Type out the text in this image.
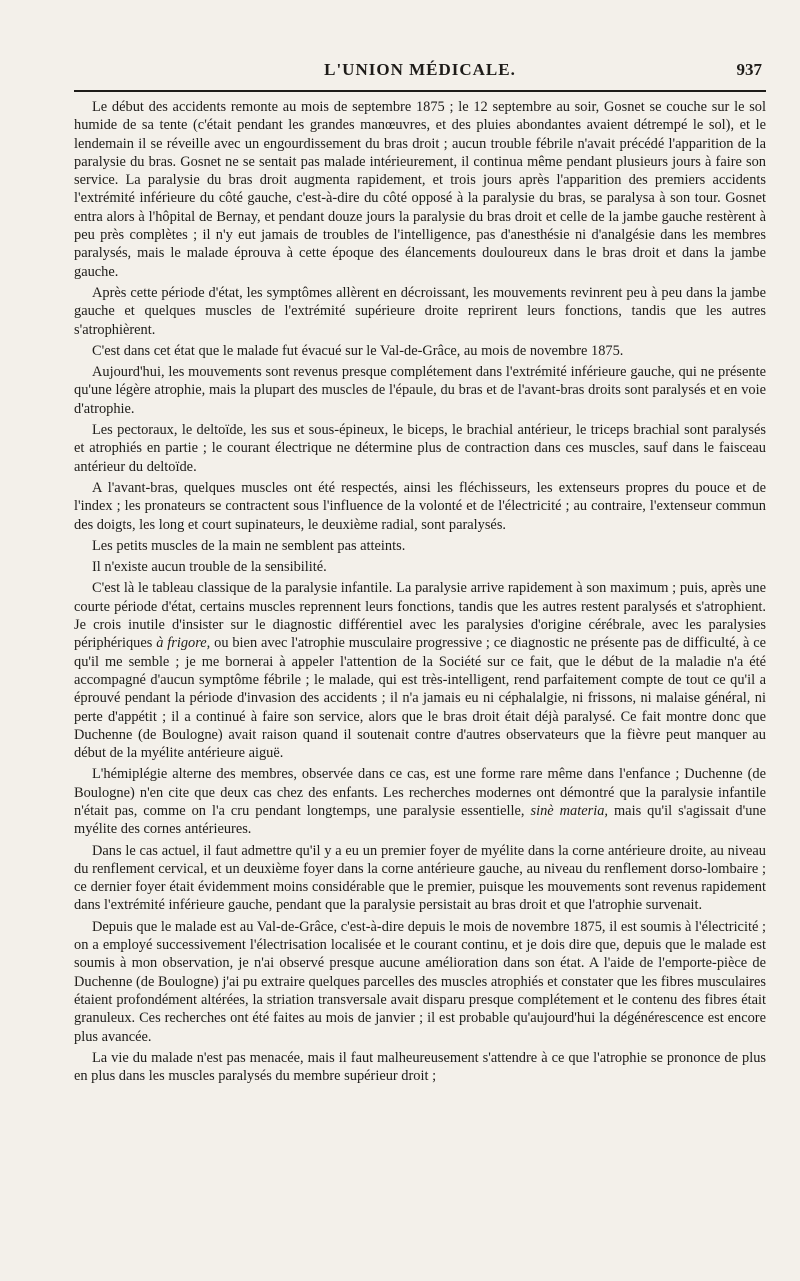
L'UNION MÉDICALE.	937

Le début des accidents remonte au mois de septembre 1875 ; le 12 septembre au soir, Gosnet se couche sur le sol humide de sa tente (c'était pendant les grandes manœuvres, et des pluies abondantes avaient détrempé le sol), et le lendemain il se réveille avec un engourdissement du bras droit ; aucun trouble fébrile n'avait précédé l'apparition de la paralysie du bras. Gosnet ne se sentait pas malade intérieurement, il continua même pendant plusieurs jours à faire son service. La paralysie du bras droit augmenta rapidement, et trois jours après l'apparition des premiers accidents l'extrémité inférieure du côté gauche, c'est-à-dire du côté opposé à la paralysie du bras, se paralysa à son tour. Gosnet entra alors à l'hôpital de Bernay, et pendant douze jours la paralysie du bras droit et celle de la jambe gauche restèrent à peu près complètes ; il n'y eut jamais de troubles de l'intelligence, pas d'anesthésie ni d'analgésie dans les membres paralysés, mais le malade éprouva à cette époque des élancements douloureux dans le bras droit et dans la jambe gauche.

Après cette période d'état, les symptômes allèrent en décroissant, les mouvements revinrent peu à peu dans la jambe gauche et quelques muscles de l'extrémité supérieure droite reprirent leurs fonctions, tandis que les autres s'atrophièrent.

C'est dans cet état que le malade fut évacué sur le Val-de-Grâce, au mois de novembre 1875.

Aujourd'hui, les mouvements sont revenus presque complétement dans l'extrémité inférieure gauche, qui ne présente qu'une légère atrophie, mais la plupart des muscles de l'épaule, du bras et de l'avant-bras droits sont paralysés et en voie d'atrophie.

Les pectoraux, le deltoïde, les sus et sous-épineux, le biceps, le brachial antérieur, le triceps brachial sont paralysés et atrophiés en partie ; le courant électrique ne détermine plus de contraction dans ces muscles, sauf dans le faisceau antérieur du deltoïde.

A l'avant-bras, quelques muscles ont été respectés, ainsi les fléchisseurs, les extenseurs propres du pouce et de l'index ; les pronateurs se contractent sous l'influence de la volonté et de l'électricité ; au contraire, l'extenseur commun des doigts, les long et court supinateurs, le deuxième radial, sont paralysés.

Les petits muscles de la main ne semblent pas atteints.

Il n'existe aucun trouble de la sensibilité.

C'est là le tableau classique de la paralysie infantile. La paralysie arrive rapidement à son maximum ; puis, après une courte période d'état, certains muscles reprennent leurs fonctions, tandis que les autres restent paralysés et s'atrophient. Je crois inutile d'insister sur le diagnostic différentiel avec les paralysies d'origine cérébrale, avec les paralysies périphériques à frigore, ou bien avec l'atrophie musculaire progressive ; ce diagnostic ne présente pas de difficulté, à ce qu'il me semble ; je me bornerai à appeler l'attention de la Société sur ce fait, que le début de la maladie n'a été accompagné d'aucun symptôme fébrile ; le malade, qui est très-intelligent, rend parfaitement compte de tout ce qu'il a éprouvé pendant la période d'invasion des accidents ; il n'a jamais eu ni céphalalgie, ni frissons, ni malaise général, ni perte d'appétit ; il a continué à faire son service, alors que le bras droit était déjà paralysé. Ce fait montre donc que Duchenne (de Boulogne) avait raison quand il soutenait contre d'autres observateurs que la fièvre peut manquer au début de la myélite antérieure aiguë.

L'hémiplégie alterne des membres, observée dans ce cas, est une forme rare même dans l'enfance ; Duchenne (de Boulogne) n'en cite que deux cas chez des enfants. Les recherches modernes ont démontré que la paralysie infantile n'était pas, comme on l'a cru pendant longtemps, une paralysie essentielle, sinè materia, mais qu'il s'agissait d'une myélite des cornes antérieures.

Dans le cas actuel, il faut admettre qu'il y a eu un premier foyer de myélite dans la corne antérieure droite, au niveau du renflement cervical, et un deuxième foyer dans la corne antérieure gauche, au niveau du renflement dorso-lombaire ; ce dernier foyer était évidemment moins considérable que le premier, puisque les mouvements sont revenus rapidement dans l'extrémité inférieure gauche, pendant que la paralysie persistait au bras droit et que l'atrophie survenait.

Depuis que le malade est au Val-de-Grâce, c'est-à-dire depuis le mois de novembre 1875, il est soumis à l'électricité ; on a employé successivement l'électrisation localisée et le courant continu, et je dois dire que, depuis que le malade est soumis à mon observation, je n'ai observé presque aucune amélioration dans son état. A l'aide de l'emporte-pièce de Duchenne (de Boulogne) j'ai pu extraire quelques parcelles des muscles atrophiés et constater que les fibres musculaires étaient profondément altérées, la striation transversale avait disparu presque complétement et le contenu des fibres était granuleux. Ces recherches ont été faites au mois de janvier ; il est probable qu'aujourd'hui la dégénérescence est encore plus avancée.

La vie du malade n'est pas menacée, mais il faut malheureusement s'attendre à ce que l'atrophie se prononce de plus en plus dans les muscles paralysés du membre supérieur droit ;
